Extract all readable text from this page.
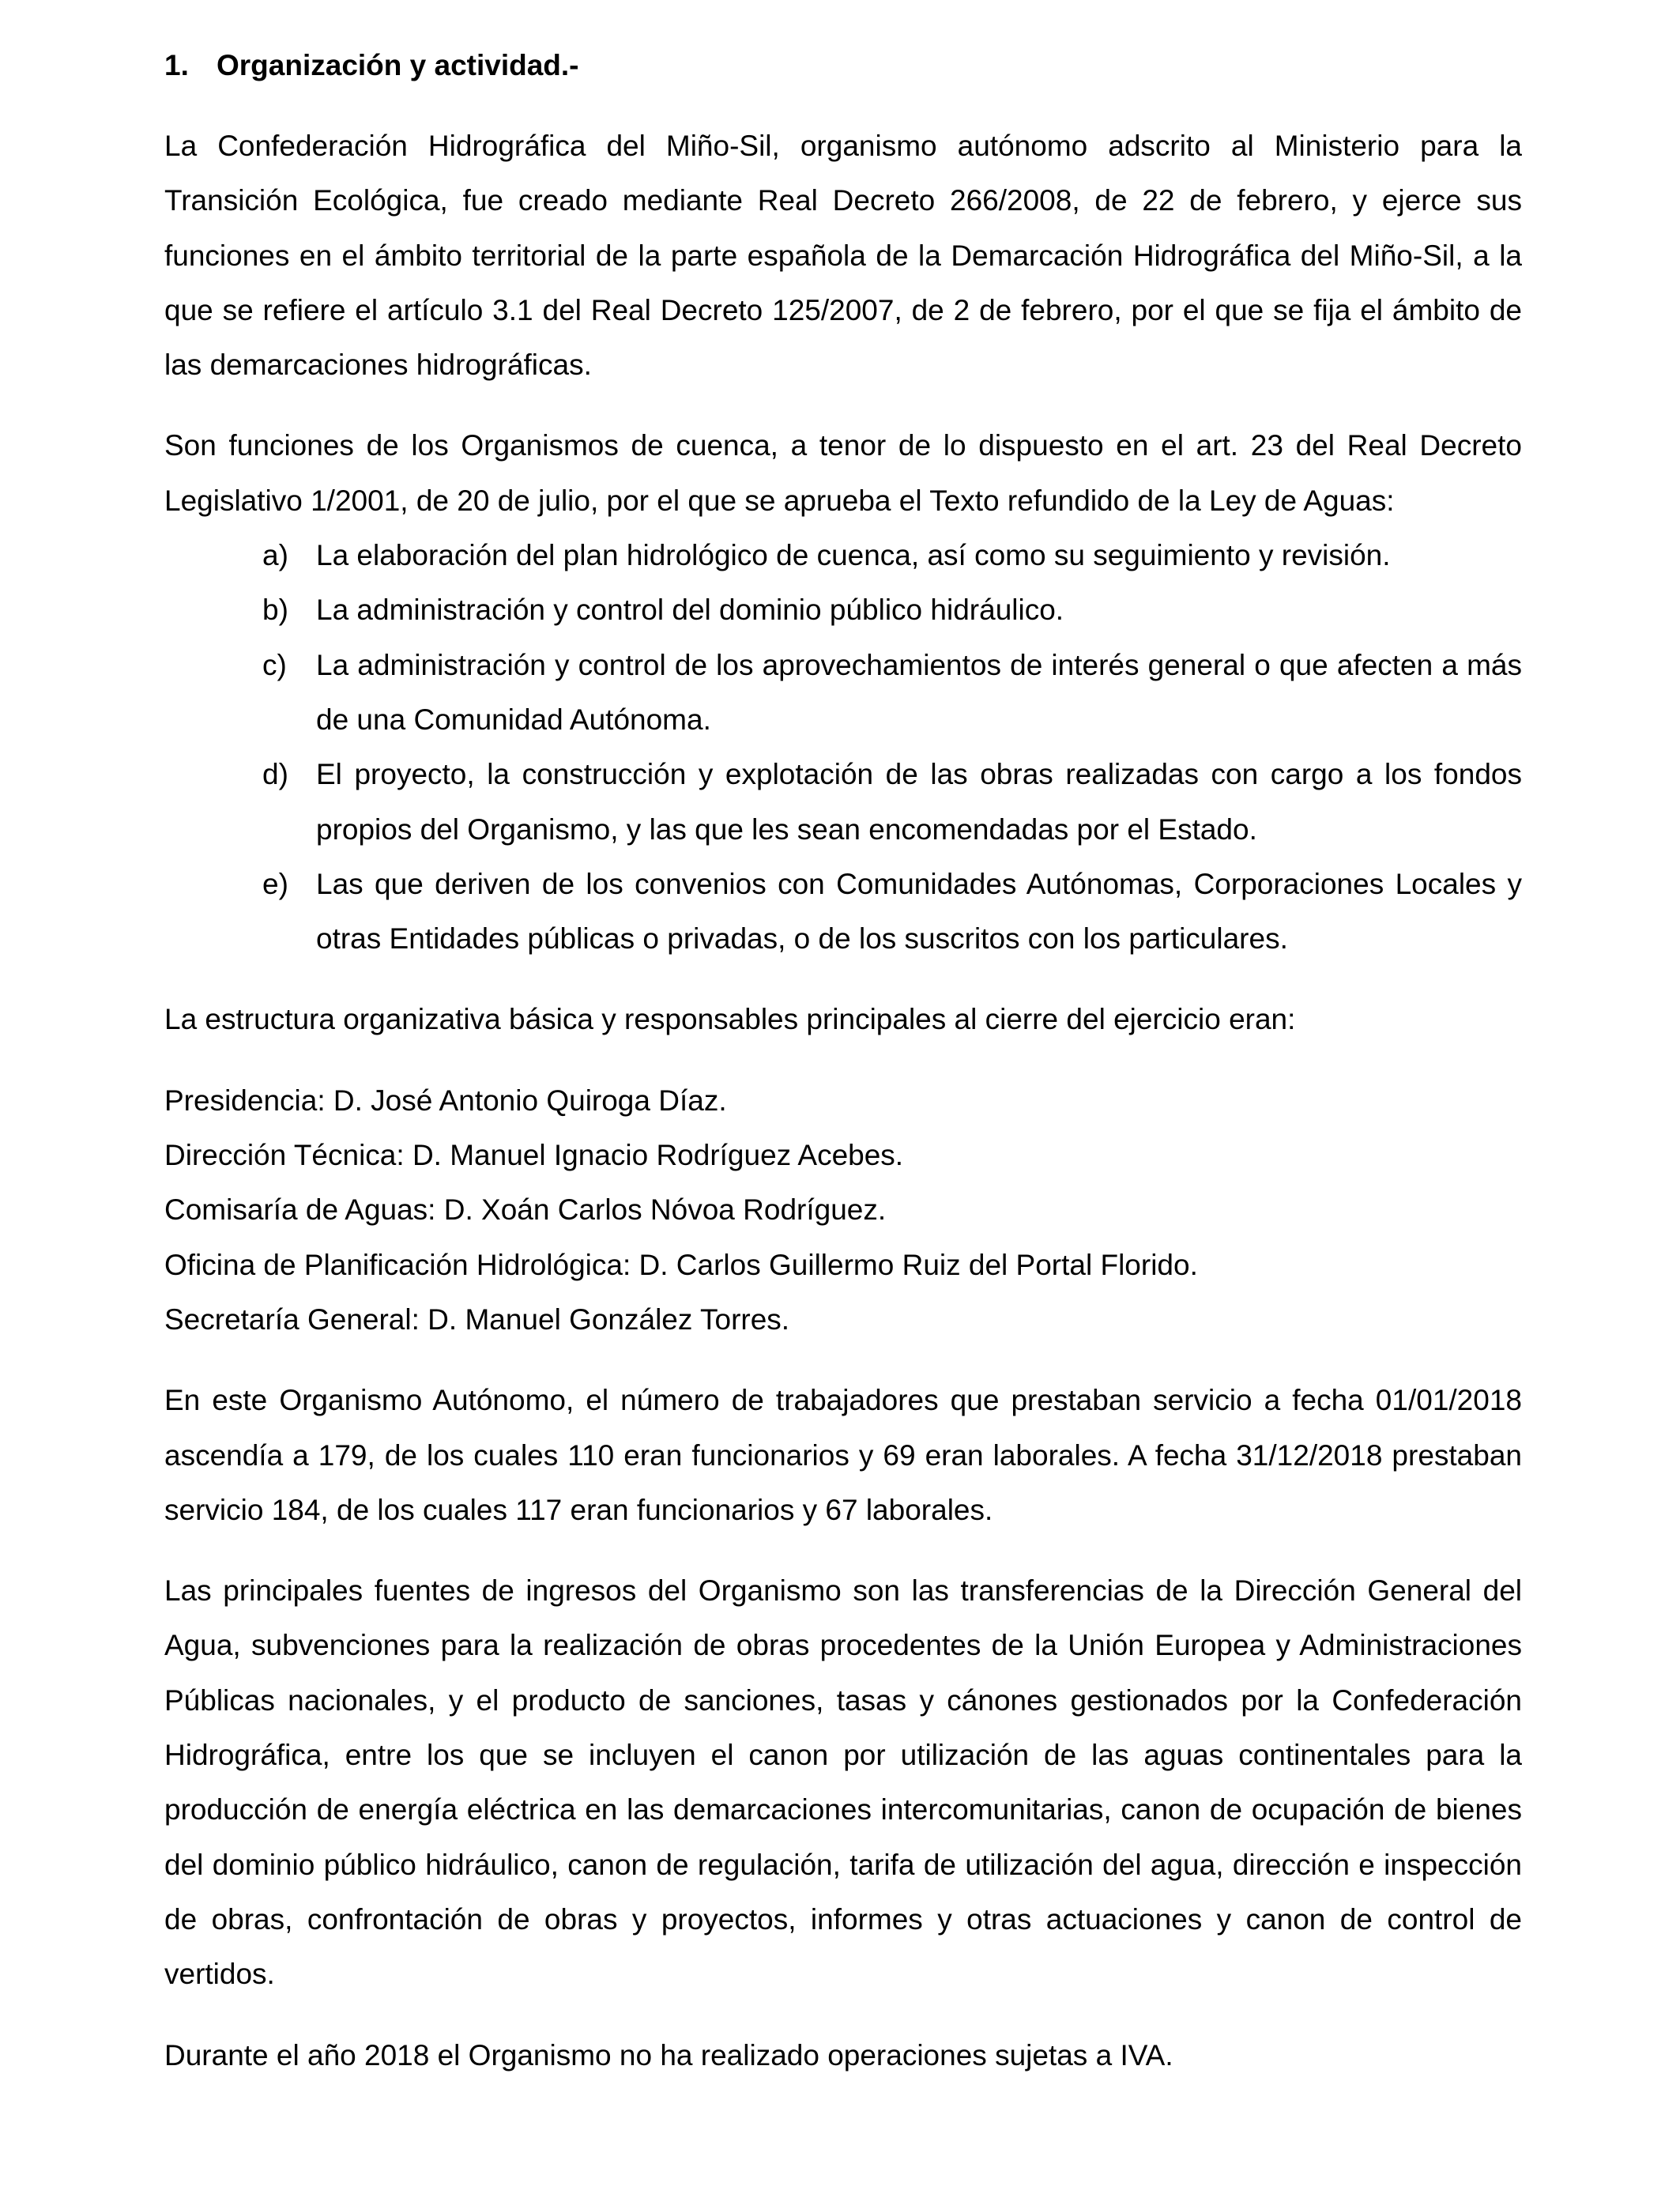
1. Organización y actividad.-

La Confederación Hidrográfica del Miño-Sil, organismo autónomo adscrito al Ministerio para la Transición Ecológica, fue creado mediante Real Decreto 266/2008, de 22 de febrero, y ejerce sus funciones en el ámbito territorial de la parte española de la Demarcación Hidrográfica del Miño-Sil, a la que se refiere el artículo 3.1 del Real Decreto 125/2007, de 2 de febrero, por el que se fija el ámbito de las demarcaciones hidrográficas.

Son funciones de los Organismos de cuenca, a tenor de lo dispuesto en el art. 23 del Real Decreto Legislativo 1/2001, de 20 de julio, por el que se aprueba el Texto refundido de la Ley de Aguas:

a) La elaboración del plan hidrológico de cuenca, así como su seguimiento y revisión.
b) La administración y control del dominio público hidráulico.
c)	La administración y control de los aprovechamientos de interés general o que afecten a más de una Comunidad Autónoma.
d) El proyecto, la construcción y explotación de las obras realizadas con cargo a los fondos propios del Organismo, y las que les sean encomendadas por el Estado.
e) Las que deriven de los convenios con Comunidades Autónomas, Corporaciones Locales y otras Entidades públicas o privadas, o de los suscritos con los particulares.

La estructura organizativa básica y responsables principales al cierre del ejercicio eran:

Presidencia: D. José Antonio Quiroga Díaz.
Dirección Técnica: D. Manuel Ignacio Rodríguez Acebes.
Comisaría de Aguas: D. Xoán Carlos Nóvoa Rodríguez.
Oficina de Planificación Hidrológica: D. Carlos Guillermo Ruiz del Portal Florido.
Secretaría General: D. Manuel González Torres.

En este Organismo Autónomo, el número de trabajadores que prestaban servicio a fecha 01/01/2018 ascendía a 179, de los cuales 110 eran funcionarios y 69 eran laborales. A fecha 31/12/2018 prestaban servicio 184, de los cuales 117 eran funcionarios y 67 laborales.

Las principales fuentes de ingresos del Organismo son las transferencias de la Dirección General del Agua, subvenciones para la realización de obras procedentes de la Unión Europea y Administraciones Públicas nacionales, y el producto de sanciones, tasas y cánones gestionados por la Confederación Hidrográfica, entre los que se incluyen el canon por utilización de las aguas continentales para la producción de energía eléctrica en las demarcaciones intercomunitarias, canon de ocupación de bienes del dominio público hidráulico, canon de regulación, tarifa de utilización del agua, dirección e inspección de obras, confrontación de obras y proyectos, informes y otras actuaciones y canon de control de vertidos.

Durante el año 2018 el Organismo no ha realizado operaciones sujetas a IVA.
